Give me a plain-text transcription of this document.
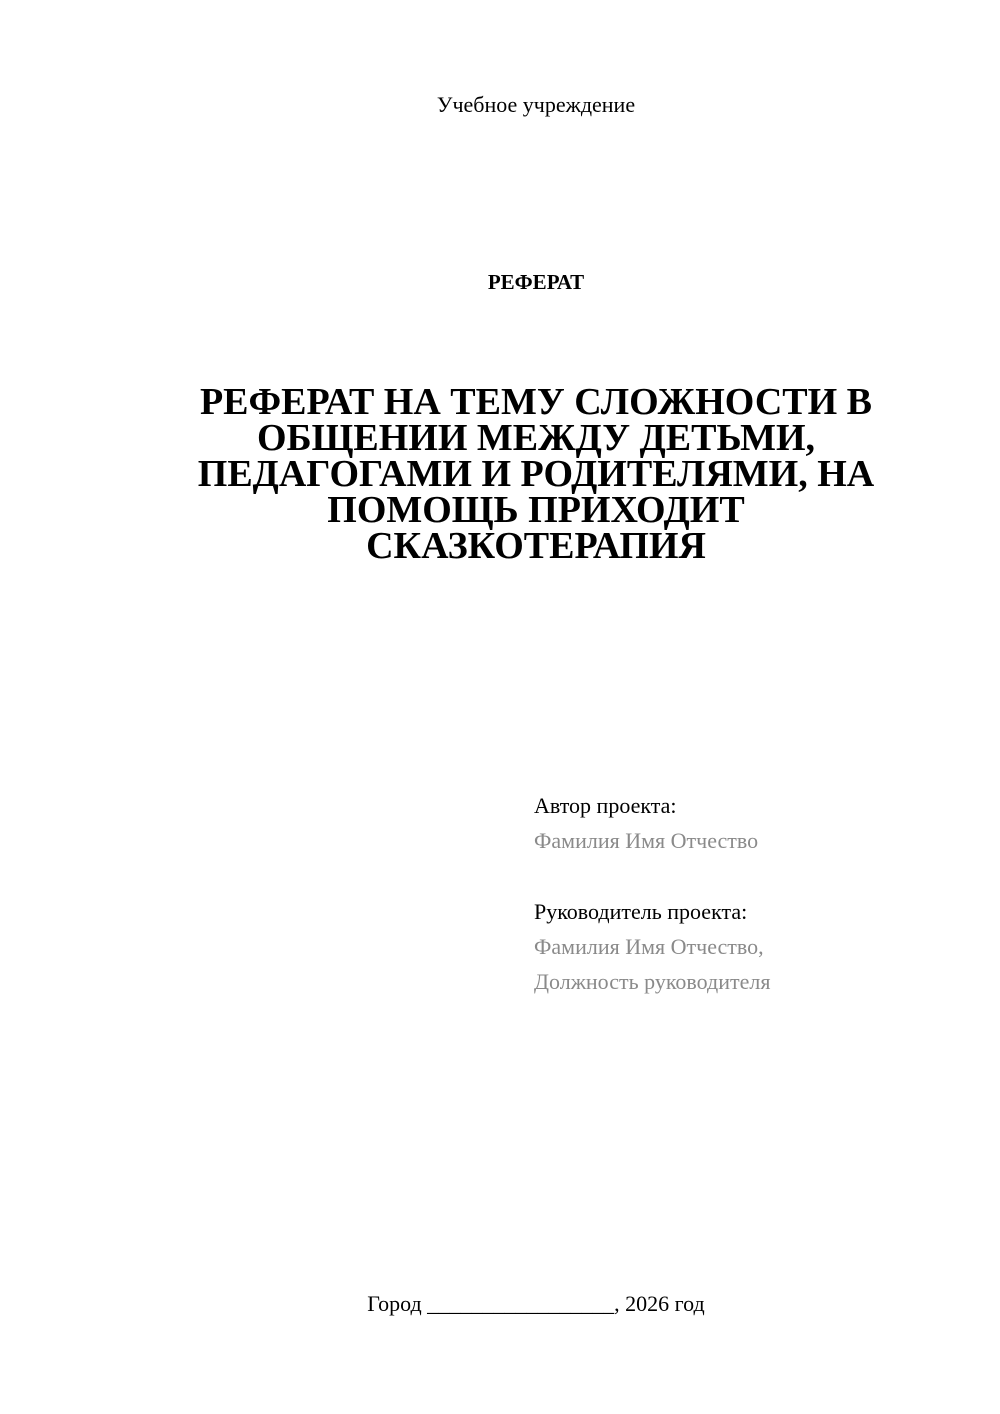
Учебное учреждение
РЕФЕРАТ
РЕФЕРАТ НА ТЕМУ СЛОЖНОСТИ В
ОБЩЕНИИ МЕЖДУ ДЕТЬМИ,
ПЕДАГОГАМИ И РОДИТЕЛЯМИ, НА
ПОМОЩЬ ПРИХОДИТ
СКАЗКОТЕРАПИЯ
Автор проекта:
Фамилия Имя Отчество
Руководитель проекта:
Фамилия Имя Отчество,
Должность руководителя
Город _________________, 2026 год
